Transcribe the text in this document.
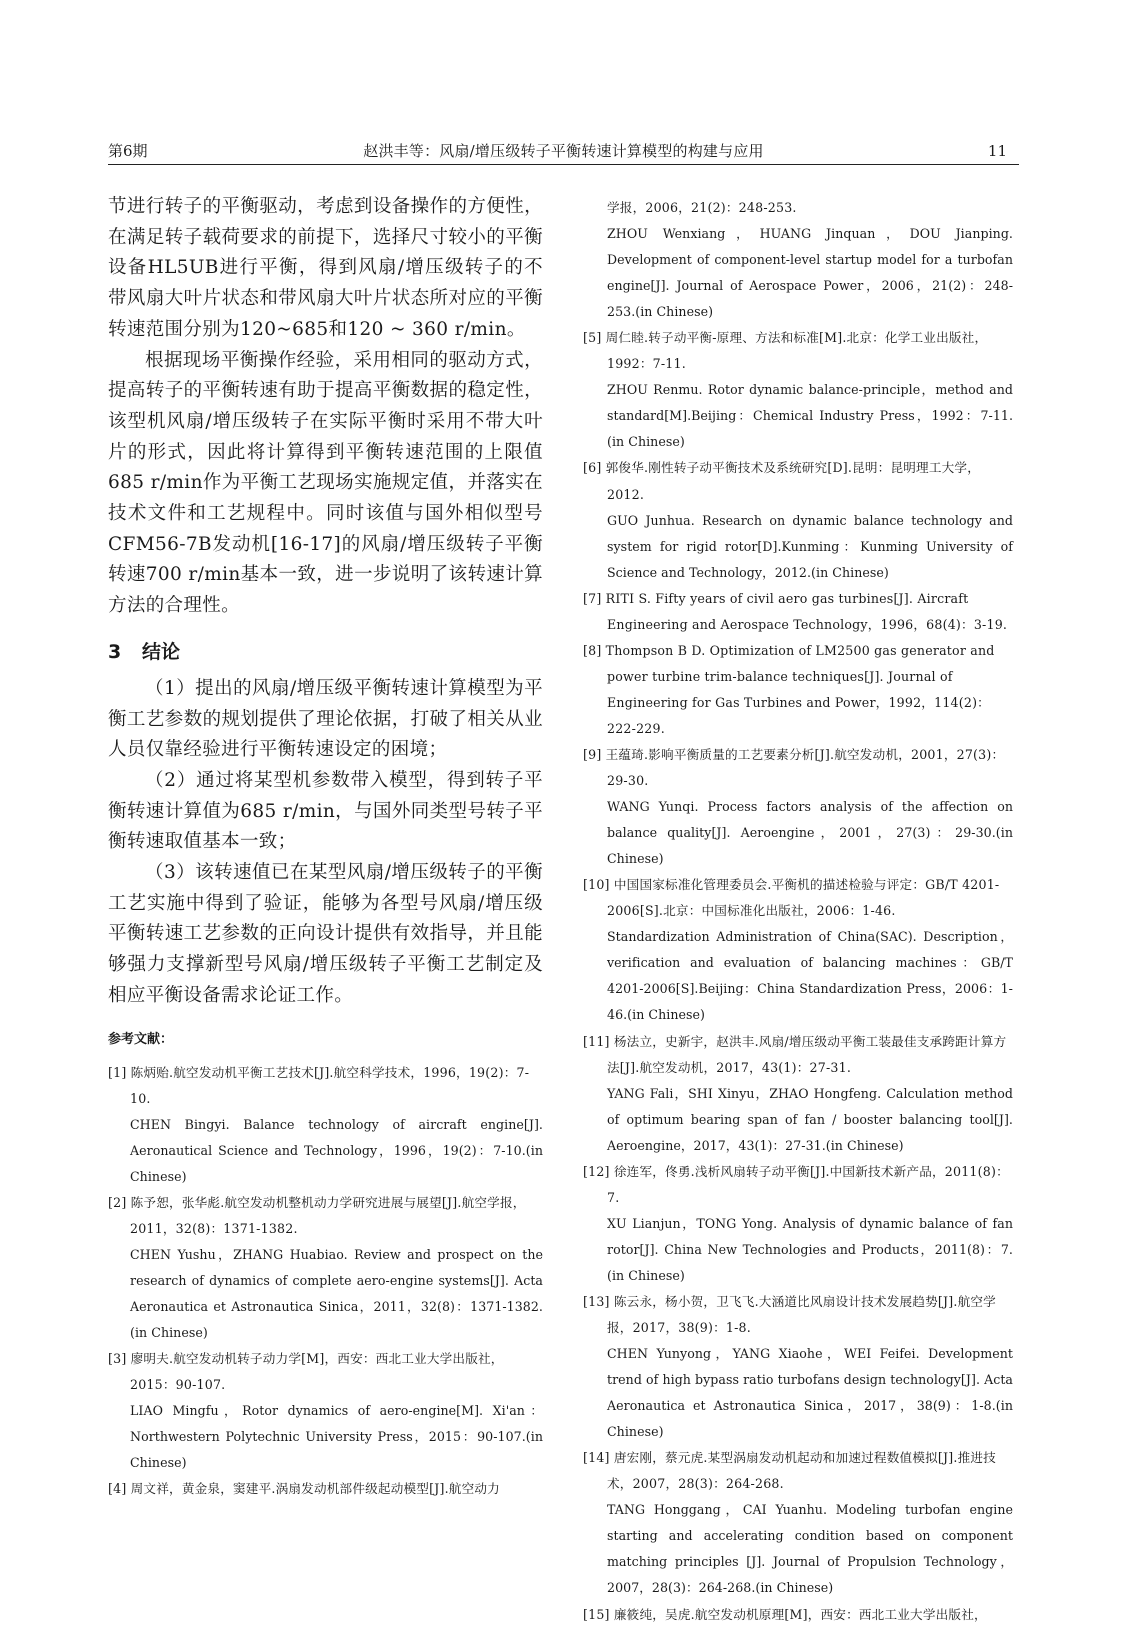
第6期	赵洪丰等：风扇/增压级转子平衡转速计算模型的构建与应用	11

节进行转子的平衡驱动，考虑到设备操作的方便性，在满足转子载荷要求的前提下，选择尺寸较小的平衡设备HL5UB进行平衡，得到风扇/增压级转子的不带风扇大叶片状态和带风扇大叶片状态所对应的平衡转速范围分别为120~685和120 ~ 360 r/min。

根据现场平衡操作经验，采用相同的驱动方式，提高转子的平衡转速有助于提高平衡数据的稳定性，该型机风扇/增压级转子在实际平衡时采用不带大叶片的形式，因此将计算得到平衡转速范围的上限值685 r/min作为平衡工艺现场实施规定值，并落实在技术文件和工艺规程中。同时该值与国外相似型号CFM56-7B发动机[16-17]的风扇/增压级转子平衡转速700 r/min基本一致，进一步说明了该转速计算方法的合理性。

3 结论

（1）提出的风扇/增压级平衡转速计算模型为平衡工艺参数的规划提供了理论依据，打破了相关从业人员仅靠经验进行平衡转速设定的困境；

（2）通过将某型机参数带入模型，得到转子平衡转速计算值为685 r/min，与国外同类型号转子平衡转速取值基本一致；

（3）该转速值已在某型风扇/增压级转子的平衡工艺实施中得到了验证，能够为各型号风扇/增压级平衡转速工艺参数的正向设计提供有效指导，并且能够强力支撑新型号风扇/增压级转子平衡工艺制定及相应平衡设备需求论证工作。

参考文献：
[1] 陈炳贻.航空发动机平衡工艺技术[J].航空科学技术，1996，19(2)：7-10.
CHEN Bingyi. Balance technology of aircraft engine[J]. Aeronautical Science and Technology，1996，19(2)：7-10.(in Chinese)
[2] 陈予恕，张华彪.航空发动机整机动力学研究进展与展望[J].航空学报，2011，32(8)：1371-1382.
CHEN Yushu，ZHANG Huabiao. Review and prospect on the research of dynamics of complete aero-engine systems[J]. Acta Aeronautica et Astronautica Sinica，2011，32(8)：1371-1382.(in Chinese)
[3] 廖明夫.航空发动机转子动力学[M]，西安：西北工业大学出版社，2015：90-107.
LIAO Mingfu，Rotor dynamics of aero-engine[M]. Xi'an：Northwestern Polytechnic University Press，2015：90-107.(in Chinese)
[4] 周文祥，黄金泉，窦建平.涡扇发动机部件级起动模型[J].航空动力
学报，2006，21(2)：248-253.
ZHOU Wenxiang，HUANG Jinquan，DOU Jianping. Development of component-level startup model for a turbofan engine[J]. Journal of Aerospace Power，2006，21(2)：248-253.(in Chinese)
[5] 周仁睦.转子动平衡-原理、方法和标准[M].北京：化学工业出版社，1992：7-11.
ZHOU Renmu. Rotor dynamic balance-principle，method and standard[M].Beijing：Chemical Industry Press，1992：7-11.(in Chinese)
[6] 郭俊华.刚性转子动平衡技术及系统研究[D].昆明：昆明理工大学，2012.
GUO Junhua. Research on dynamic balance technology and system for rigid rotor[D].Kunming：Kunming University of Science and Technology，2012.(in Chinese)
[7] RITI S. Fifty years of civil aero gas turbines[J]. Aircraft Engineering and Aerospace Technology，1996，68(4)：3-19.
[8] Thompson B D. Optimization of LM2500 gas generator and power turbine trim-balance techniques[J]. Journal of Engineering for Gas Turbines and Power，1992，114(2)：222-229.
[9] 王蕴琦.影响平衡质量的工艺要素分析[J].航空发动机，2001，27(3)：29-30.
WANG Yunqi. Process factors analysis of the affection on balance quality[J]. Aeroengine，2001，27(3)：29-30.(in Chinese)
[10] 中国国家标准化管理委员会.平衡机的描述检验与评定：GB/T 4201-2006[S].北京：中国标准化出版社，2006：1-46.
Standardization Administration of China(SAC). Description，verification and evaluation of balancing machines：GB/T 4201-2006[S].Beijing：China Standardization Press，2006：1-46.(in Chinese)
[11] 杨法立，史新宇，赵洪丰.风扇/增压级动平衡工装最佳支承跨距计算方法[J].航空发动机，2017，43(1)：27-31.
YANG Fali，SHI Xinyu，ZHAO Hongfeng. Calculation method of optimum bearing span of fan / booster balancing tool[J]. Aeroengine，2017，43(1)：27-31.(in Chinese)
[12] 徐连军，佟勇.浅析风扇转子动平衡[J].中国新技术新产品，2011(8)：7.
XU Lianjun，TONG Yong. Analysis of dynamic balance of fan rotor[J]. China New Technologies and Products，2011(8)：7.(in Chinese)
[13] 陈云永，杨小贺，卫飞飞.大涵道比风扇设计技术发展趋势[J].航空学报，2017，38(9)：1-8.
CHEN Yunyong，YANG Xiaohe，WEI Feifei. Development trend of high bypass ratio turbofans design technology[J]. Acta Aeronautica et Astronautica Sinica，2017，38(9)：1-8.(in Chinese)
[14] 唐宏刚，蔡元虎.某型涡扇发动机起动和加速过程数值模拟[J].推进技术，2007，28(3)：264-268.
TANG Honggang，CAI Yuanhu. Modeling turbofan engine starting and accelerating condition based on component matching principles [J]. Journal of Propulsion Technology，2007，28(3)：264-268.(in Chinese)
[15] 廉筱纯，吴虎.航空发动机原理[M]，西安：西北工业大学出版社，
